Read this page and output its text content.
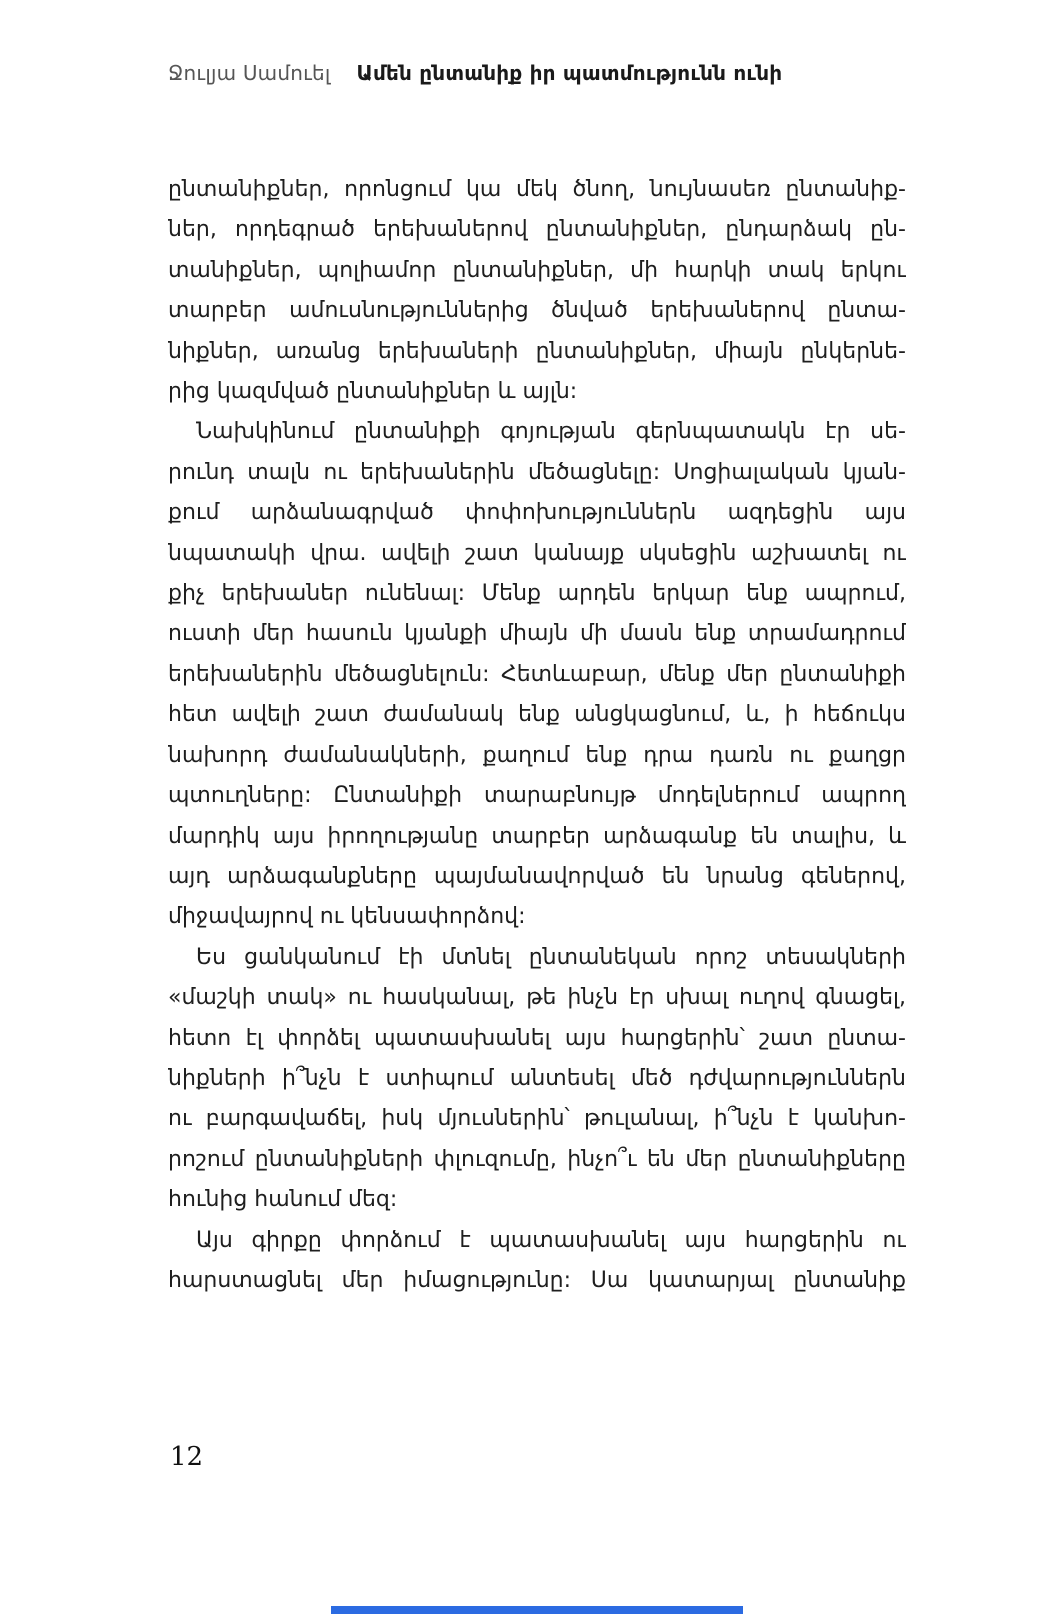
Ջուլյա Սամուել Ամեն ընտանիք իր պատմությունն ունի
ընտանիքներ, որոնցում կա մեկ ծնող, նույնասեռ ընտանիք-
ներ, որդեգրած երեխաներով ընտանիքներ, ընդարձակ ըն-
տանիքներ, պոլիամոր ընտանիքներ, մի հարկի տակ երկու
տարբեր ամուսնություններից ծնված երեխաներով ընտա-
նիքներ, առանց երեխաների ընտանիքներ, միայն ընկերնե-
րից կազմված ընտանիքներ և այլն:
Նախկինում ընտանիքի գոյության գերնպատակն էր սե-
րունդ տալն ու երեխաներին մեծացնելը: Սոցիալական կյան-
քում արձանագրված փոփոխություններն ազդեցին այս
նպատակի վրա. ավելի շատ կանայք սկսեցին աշխատել ու
քիչ երեխաներ ունենալ: Մենք արդեն երկար ենք ապրում,
ուստի մեր հասուն կյանքի միայն մի մասն ենք տրամադրում
երեխաներին մեծացնելուն: Հետևաբար, մենք մեր ընտանիքի
հետ ավելի շատ ժամանակ ենք անցկացնում, և, ի հեճուկս
նախորդ ժամանակների, քաղում ենք դրա դառն ու քաղցր
պտուղները: Ընտանիքի տարաբնույթ մոդելներում ապրող
մարդիկ այս իրողությանը տարբեր արձագանք են տալիս, և
այդ արձագանքները պայմանավորված են նրանց գեներով,
միջավայրով ու կենսափորձով:
Ես ցանկանում էի մտնել ընտանեկան որոշ տեսակների
«մաշկի տակ» ու հասկանալ, թե ինչն էր սխալ ուղով գնացել,
հետո էլ փորձել պատասխանել այս հարցերին՝ շատ ընտա-
նիքների ի՞նչն է ստիպում անտեսել մեծ դժվարություններն
ու բարգավաճել, իսկ մյուսներին՝ թուլանալ, ի՞նչն է կանխո-
րոշում ընտանիքների փլուզումը, ինչո՞ւ են մեր ընտանիքները
հունից հանում մեզ:
Այս գիրքը փորձում է պատասխանել այս հարցերին ու
հարստացնել մեր իմացությունը: Սա կատարյալ ընտանիք
12
